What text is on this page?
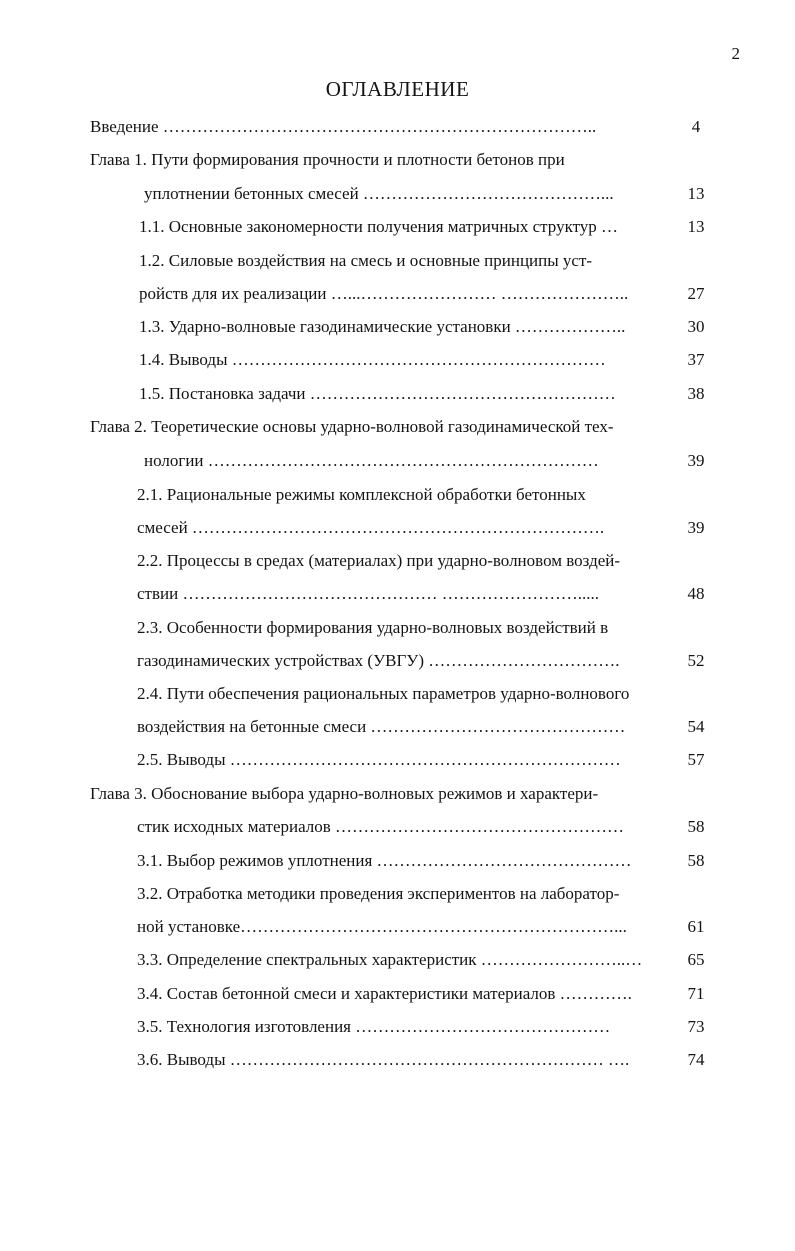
2
ОГЛАВЛЕНИЕ
Введение …………………………………………………………………..	4
Глава 1. Пути формирования прочности и плотности бетонов при
уплотнении бетонных смесей ……………………………………...	13
1.1. Основные закономерности получения матричных структур …	13
1.2. Силовые воздействия на смесь и основные принципы уст-
ройств для их реализации …...…………………… …………………..	27
1.3. Ударно-волновые газодинамические установки ………………..	30
1.4. Выводы …………………………………………………………	37
1.5. Постановка задачи ………………………………………………	38
Глава 2. Теоретические основы ударно-волновой газодинамической тех-
нологии ……………………………………………………………	39
2.1. Рациональные режимы комплексной обработки бетонных
смесей ……………………………………………………………….	39
2.2. Процессы в средах (материалах) при ударно-волновом воздей-
ствии ……………………………………… …………………….....	48
2.3. Особенности формирования ударно-волновых воздействий в
газодинамических устройствах (УВГУ) …………………………….	52
2.4. Пути обеспечения рациональных параметров ударно-волнового
воздействия на бетонные смеси ………………………………………	54
2.5. Выводы ……………………………………………………………	57
Глава 3. Обоснование выбора ударно-волновых режимов и характери-
стик исходных материалов ……………………………………………	58
3.1. Выбор режимов уплотнения ………………………………………	58
3.2. Отработка методики проведения экспериментов на лаборатор-
ной установке…………………………………………………………...	61
3.3. Определение спектральных характеристик ……………………..…	65
3.4. Состав бетонной смеси и характеристики материалов ………….	71
3.5. Технология изготовления ………………………………………	73
3.6. Выводы ………………………………………………………… ….	74
